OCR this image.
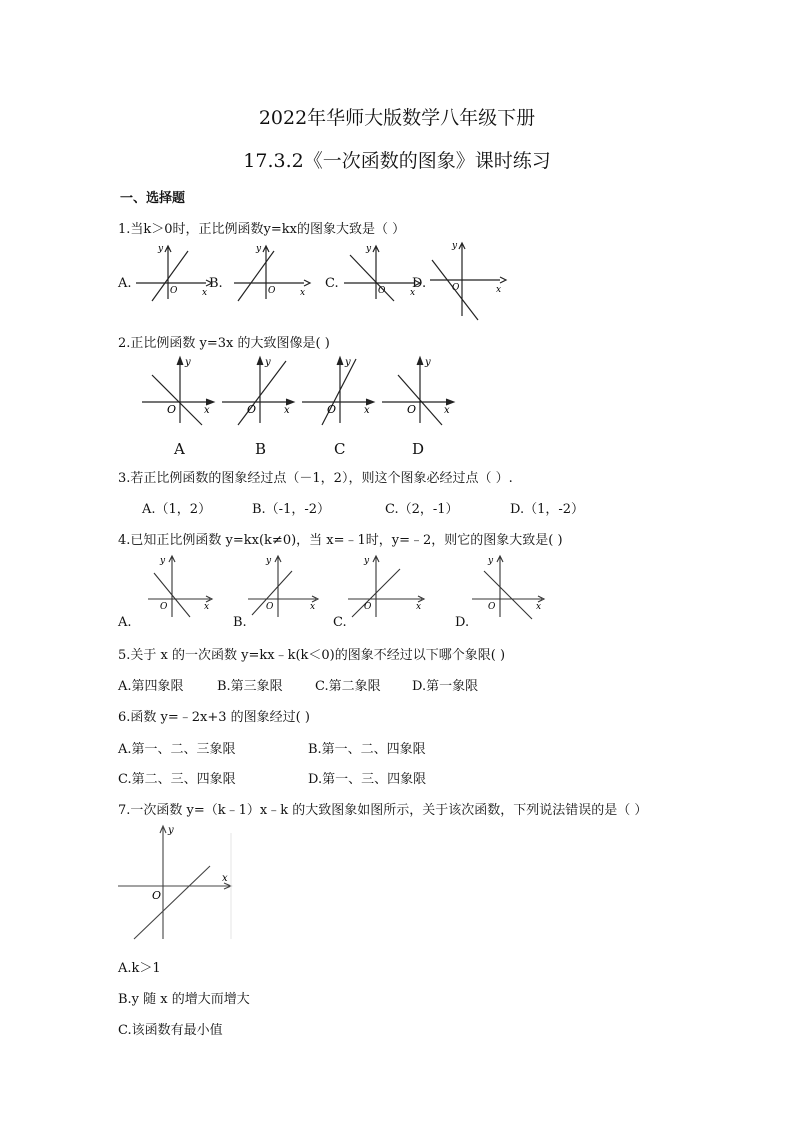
2022年华师大版数学八年级下册
17.3.2《一次函数的图象》课时练习
一、选择题
1.当k＞0时，正比例函数y=kx的图象大致是（ ）
A.	B.	C.	D.
O	x
y
O	x
y
O	x
y
O	x
y
2.正比例函数 y=3x 的大致图像是( )
O	x
y
O	x
y
O	x
y
O	x
y
A	B	C	D
3.若正比例函数的图象经过点（－1，2），则这个图象必经过点（ ）.
A.（1，2）	B.（-1，-2）	C.（2，-1）	D.（1，-2）
4.已知正比例函数 y=kx(k≠0)，当 x=﹣1时，y=﹣2，则它的图象大致是( )
O	x
y
O	x
y
O	x
y
O	x
y
A.	B.	C.	D.
5.关于 x 的一次函数 y=kx﹣k(k＜0)的图象不经过以下哪个象限( )
A.第四象限	B.第三象限 C.第二象限 D.第一象限
6.函数 y=﹣2x+3 的图象经过( )
A.第一、二、三象限	B.第一、二、四象限
C.第二、三、四象限	D.第一、三、四象限
7.一次函数 y=（k﹣1）x﹣k 的大致图象如图所示，关于该次函数，下列说法错误的是（ ）
O
x
y
A.k＞1
B.y 随 x 的增大而增大
C.该函数有最小值
